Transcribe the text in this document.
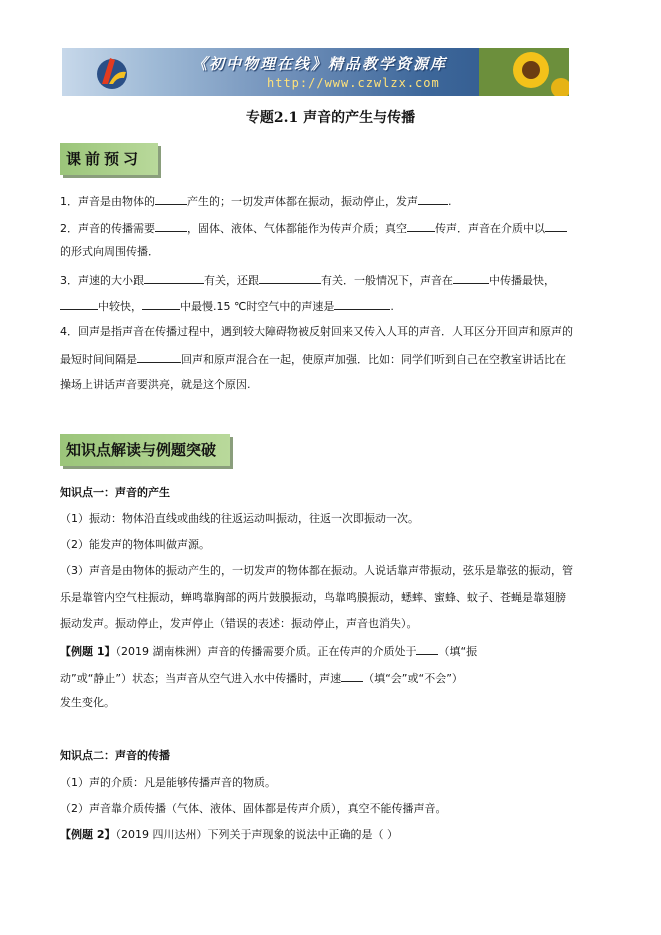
《初中物理在线》精品教学资源库
http://www.czwlzx.com
专题2.1 声音的产生与传播
课前预习
1．声音是由物体的	产生的；一切发声体都在振动，振动停止，发声	.
2．声音的传播需要	，固体、液体、气体都能作为传声介质；真空	传声．声音在介质中以
的形式向周围传播．
3．声速的大小跟	有关，还跟	有关．一般情况下，声音在	中传播最快，
中较快，	中最慢.15 ℃时空气中的声速是	.
4．回声是指声音在传播过程中，遇到较大障碍物被反射回来又传入人耳的声音．人耳区分开回声和原声的
最短时间间隔是	回声和原声混合在一起，使原声加强．比如：同学们听到自己在空教室讲话比在
操场上讲话声音要洪亮，就是这个原因.
知识点解读与例题突破
知识点一：声音的产生
（1）振动：物体沿直线或曲线的往返运动叫振动，往返一次即振动一次。
（2）能发声的物体叫做声源。
（3）声音是由物体的振动产生的，一切发声的物体都在振动。人说话靠声带振动，弦乐是靠弦的振动，管
乐是靠管内空气柱振动，蝉鸣靠胸部的两片鼓膜振动，鸟靠鸣膜振动，蟋蟀、蜜蜂、蚊子、苍蝇是靠翅膀
振动发声。振动停止，发声停止（错误的表述：振动停止，声音也消失）。
【例题 1】（2019 湖南株洲）声音的传播需要介质。正在传声的介质处于 （填“振
动”或“静止”）状态；当声音从空气进入水中传播时，声速 （填“会”或“不会”）
发生变化。
知识点二：声音的传播
（1）声的介质：凡是能够传播声音的物质。
（2）声音靠介质传播（气体、液体、固体都是传声介质），真空不能传播声音。
【例题 2】（2019 四川达州）下列关于声现象的说法中正确的是（ ）
